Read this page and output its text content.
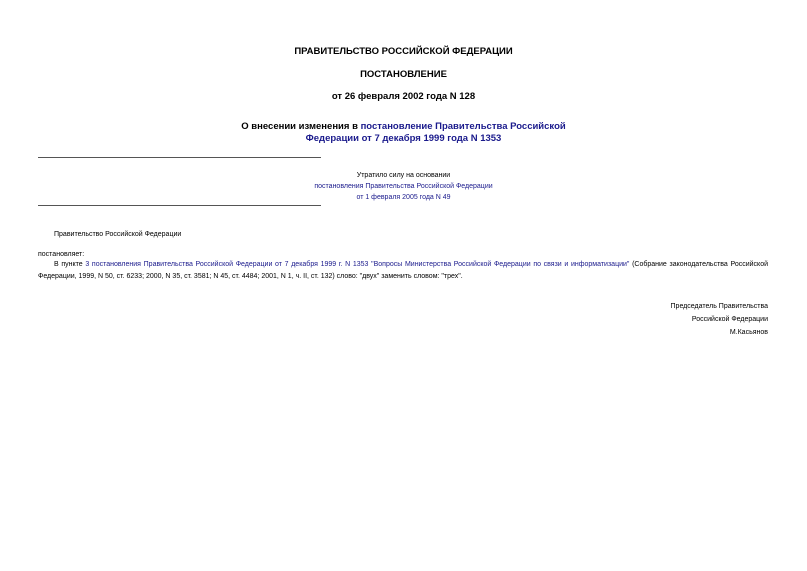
ПРАВИТЕЛЬСТВО РОССИЙСКОЙ ФЕДЕРАЦИИ
ПОСТАНОВЛЕНИЕ
от 26 февраля 2002 года N 128
О внесении изменения в постановление Правительства Российской
Федерации от 7 декабря 1999 года N 1353
Утратило силу на основании
постановления Правительства Российской Федерации
от 1 февраля 2005 года N 49
Правительство Российской Федерации
постановляет:
В пункте 3 постановления Правительства Российской Федерации от 7 декабря 1999 г. N 1353 "Вопросы Министерства Российской Федерации по связи и информатизации" (Собрание законодательства Российской Федерации, 1999, N 50, ст. 6233; 2000, N 35, ст. 3581; N 45, ст. 4484; 2001, N 1, ч. II, ст. 132) слово: "двух" заменить словом: "трех".
Председатель Правительства
Российской Федерации
М.Касьянов
